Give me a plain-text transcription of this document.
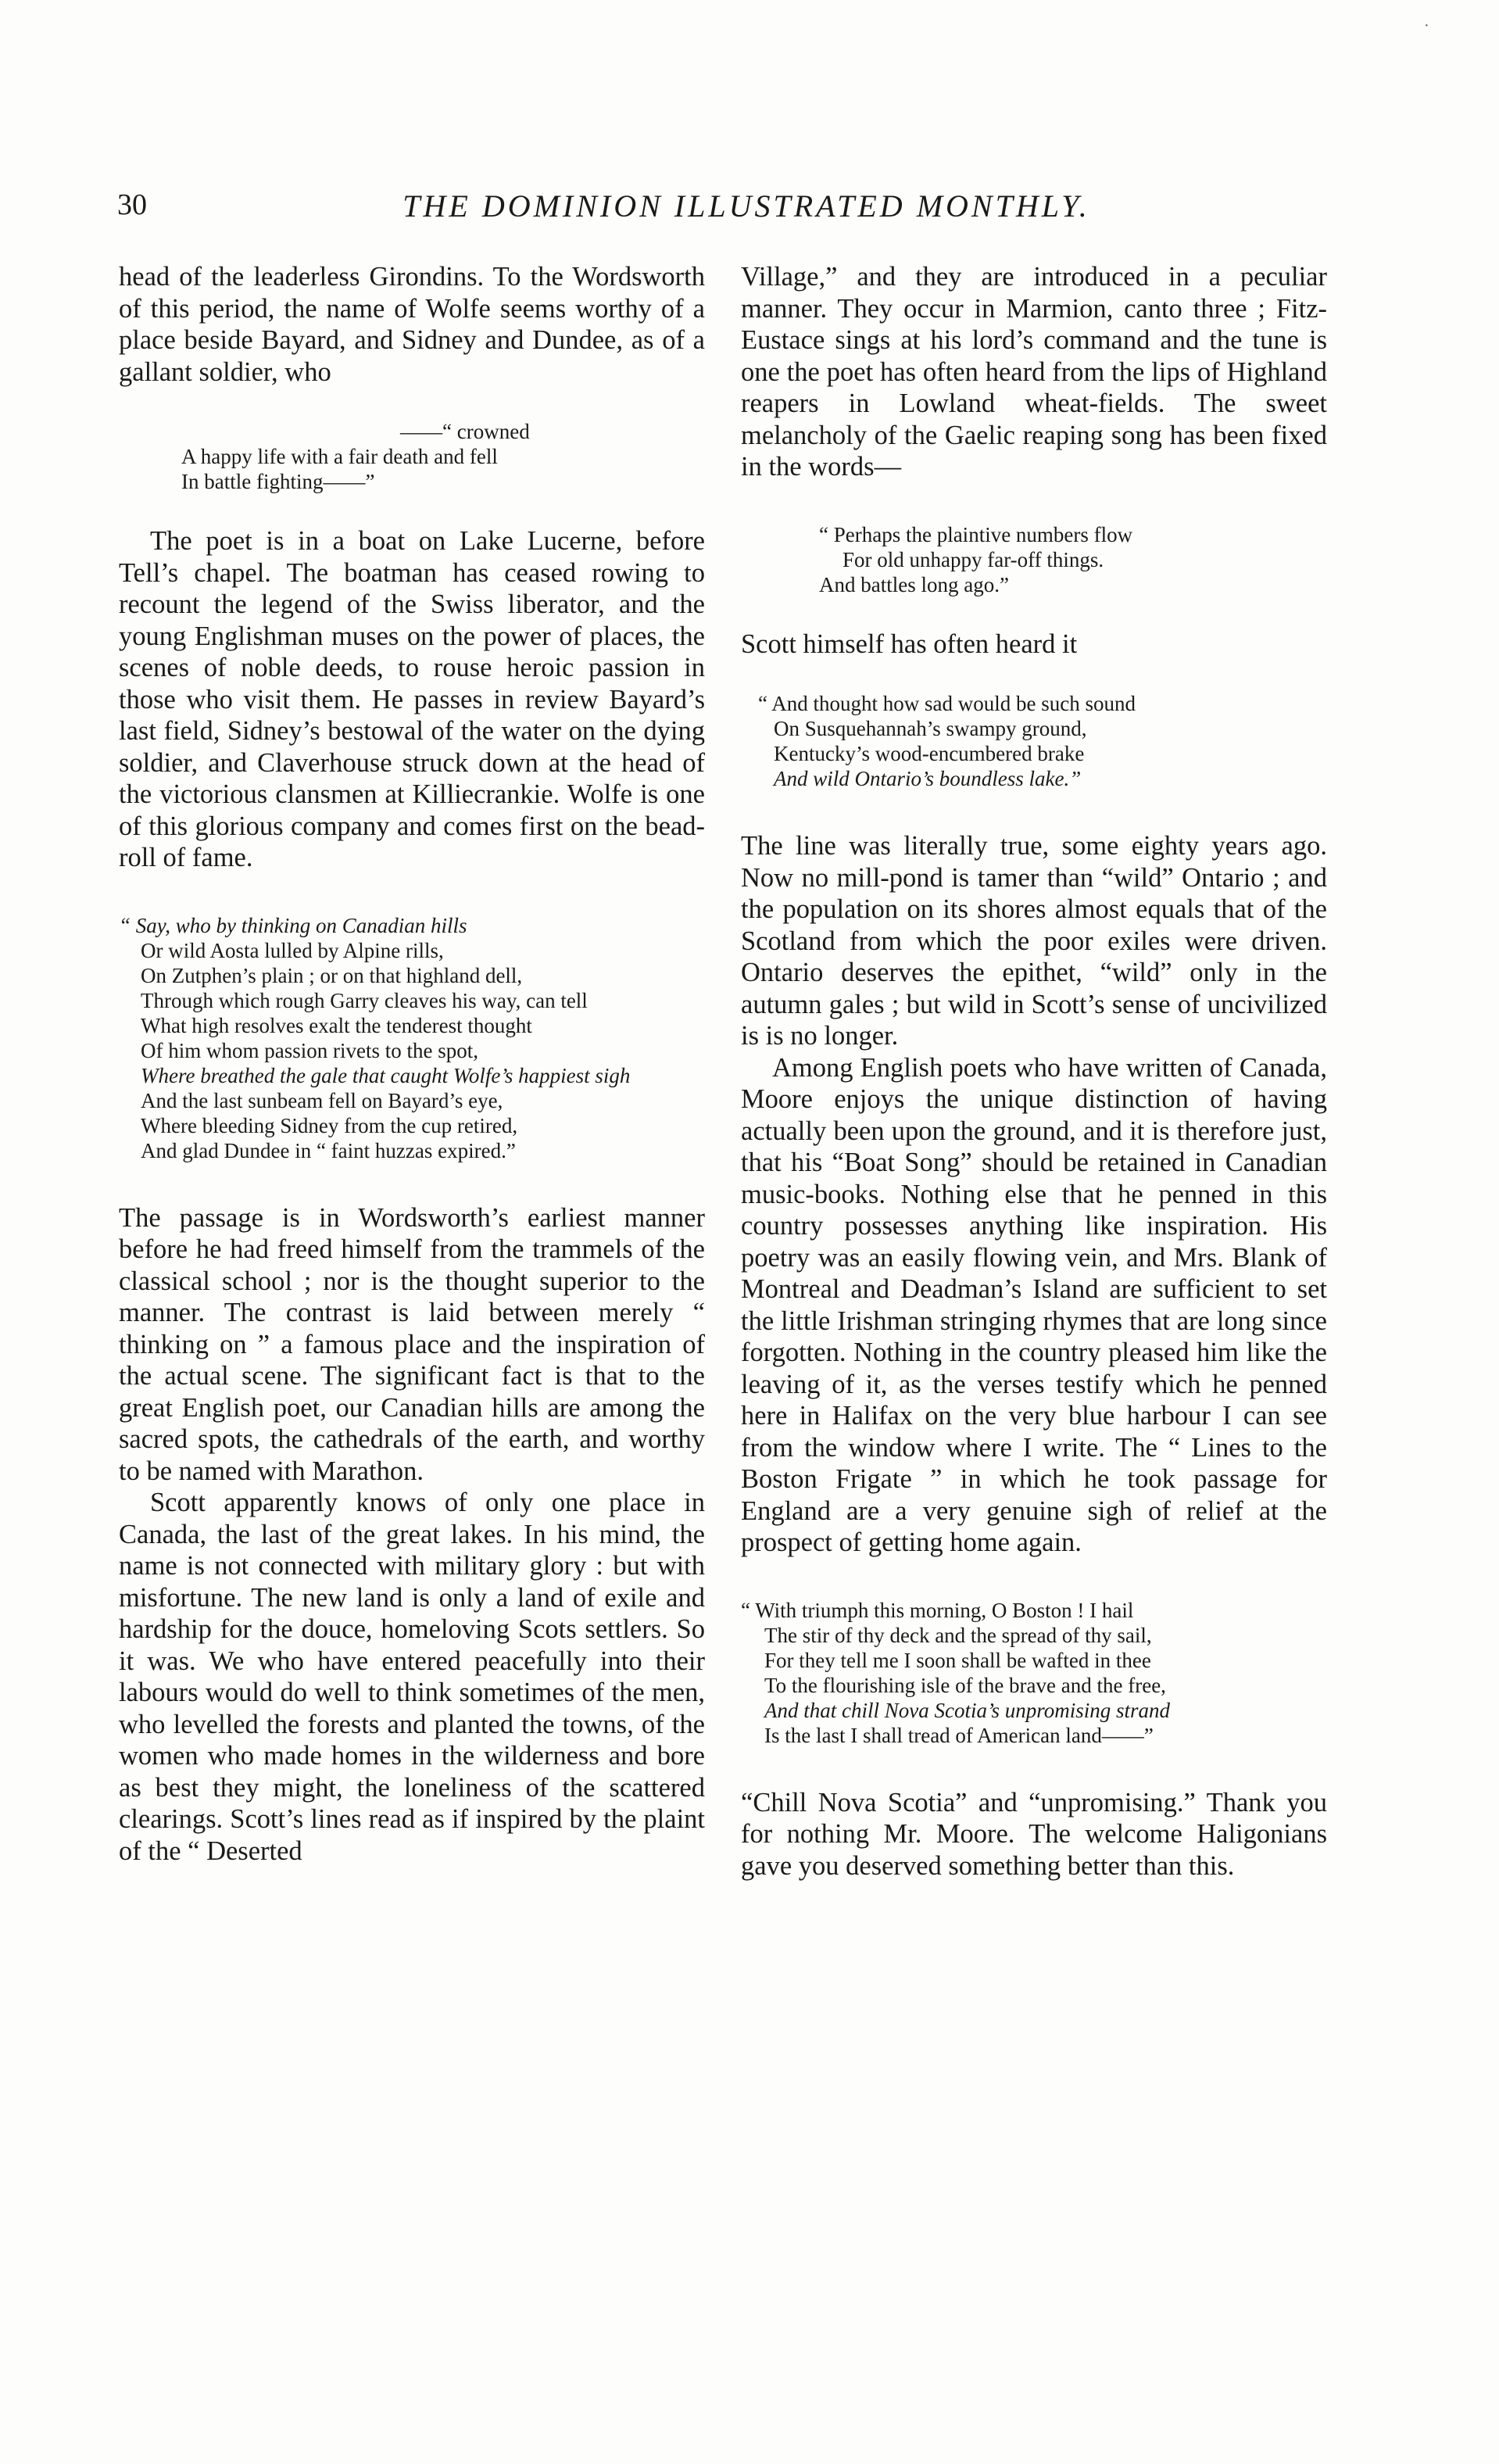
·
30	THE DOMINION ILLUSTRATED MONTHLY.

head of the leaderless Girondins. To the Wordsworth of this period, the name of Wolfe seems worthy of a place beside Bayard, and Sidney and Dundee, as of a gallant soldier, who

——“ crowned
A happy life with a fair death and fell
In battle fighting——”

The poet is in a boat on Lake Lucerne, before Tell’s chapel. The boatman has ceased rowing to recount the legend of the Swiss liberator, and the young Englishman muses on the power of places, the scenes of noble deeds, to rouse heroic passion in those who visit them. He passes in review Bayard’s last field, Sidney’s bestowal of the water on the dying soldier, and Claverhouse struck down at the head of the victorious clansmen at Killiecrankie. Wolfe is one of this glorious company and comes first on the bead-roll of fame.

“ Say, who by thinking on Canadian hills
Or wild Aosta lulled by Alpine rills,
On Zutphen’s plain ; or on that highland dell,
Through which rough Garry cleaves his way, can tell
What high resolves exalt the tenderest thought
Of him whom passion rivets to the spot,
Where breathed the gale that caught Wolfe’s happiest sigh
And the last sunbeam fell on Bayard’s eye,
Where bleeding Sidney from the cup retired,
And glad Dundee in “ faint huzzas expired.”

The passage is in Wordsworth’s earliest manner before he had freed himself from the trammels of the classical school ; nor is the thought superior to the manner. The contrast is laid between merely “ thinking on ” a famous place and the inspiration of the actual scene. The significant fact is that to the great English poet, our Canadian hills are among the sacred spots, the cathedrals of the earth, and worthy to be named with Marathon.

Scott apparently knows of only one place in Canada, the last of the great lakes. In his mind, the name is not connected with military glory : but with misfortune. The new land is only a land of exile and hardship for the douce, homeloving Scots settlers. So it was. We who have entered peacefully into their labours would do well to think sometimes of the men, who levelled the forests and planted the towns, of the women who made homes in the wilderness and bore as best they might, the loneliness of the scattered clearings. Scott’s lines read as if inspired by the plaint of the “ Deserted

Village,” and they are introduced in a peculiar manner. They occur in Marmion, canto three ; Fitz-Eustace sings at his lord’s command and the tune is one the poet has often heard from the lips of Highland reapers in Lowland wheat-fields. The sweet melancholy of the Gaelic reaping song has been fixed in the words—

“ Perhaps the plaintive numbers flow
For old unhappy far-off things.
And battles long ago.”

Scott himself has often heard it

“ And thought how sad would be such sound
On Susquehannah’s swampy ground,
Kentucky’s wood-encumbered brake
And wild Ontario’s boundless lake.”

The line was literally true, some eighty years ago. Now no mill-pond is tamer than “wild” Ontario ; and the population on its shores almost equals that of the Scotland from which the poor exiles were driven. Ontario deserves the epithet, “wild” only in the autumn gales ; but wild in Scott’s sense of uncivilized is is no longer.

Among English poets who have written of Canada, Moore enjoys the unique distinction of having actually been upon the ground, and it is therefore just, that his “Boat Song” should be retained in Canadian music-books. Nothing else that he penned in this country possesses anything like inspiration. His poetry was an easily flowing vein, and Mrs. Blank of Montreal and Deadman’s Island are sufficient to set the little Irishman stringing rhymes that are long since forgotten. Nothing in the country pleased him like the leaving of it, as the verses testify which he penned here in Halifax on the very blue harbour I can see from the window where I write. The “ Lines to the Boston Frigate ” in which he took passage for England are a very genuine sigh of relief at the prospect of getting home again.

“ With triumph this morning, O Boston ! I hail
The stir of thy deck and the spread of thy sail,
For they tell me I soon shall be wafted in thee
To the flourishing isle of the brave and the free,
And that chill Nova Scotia’s unpromising strand
Is the last I shall tread of American land——”

“Chill Nova Scotia” and “unpromising.” Thank you for nothing Mr. Moore. The welcome Haligonians gave you deserved something better than this.
